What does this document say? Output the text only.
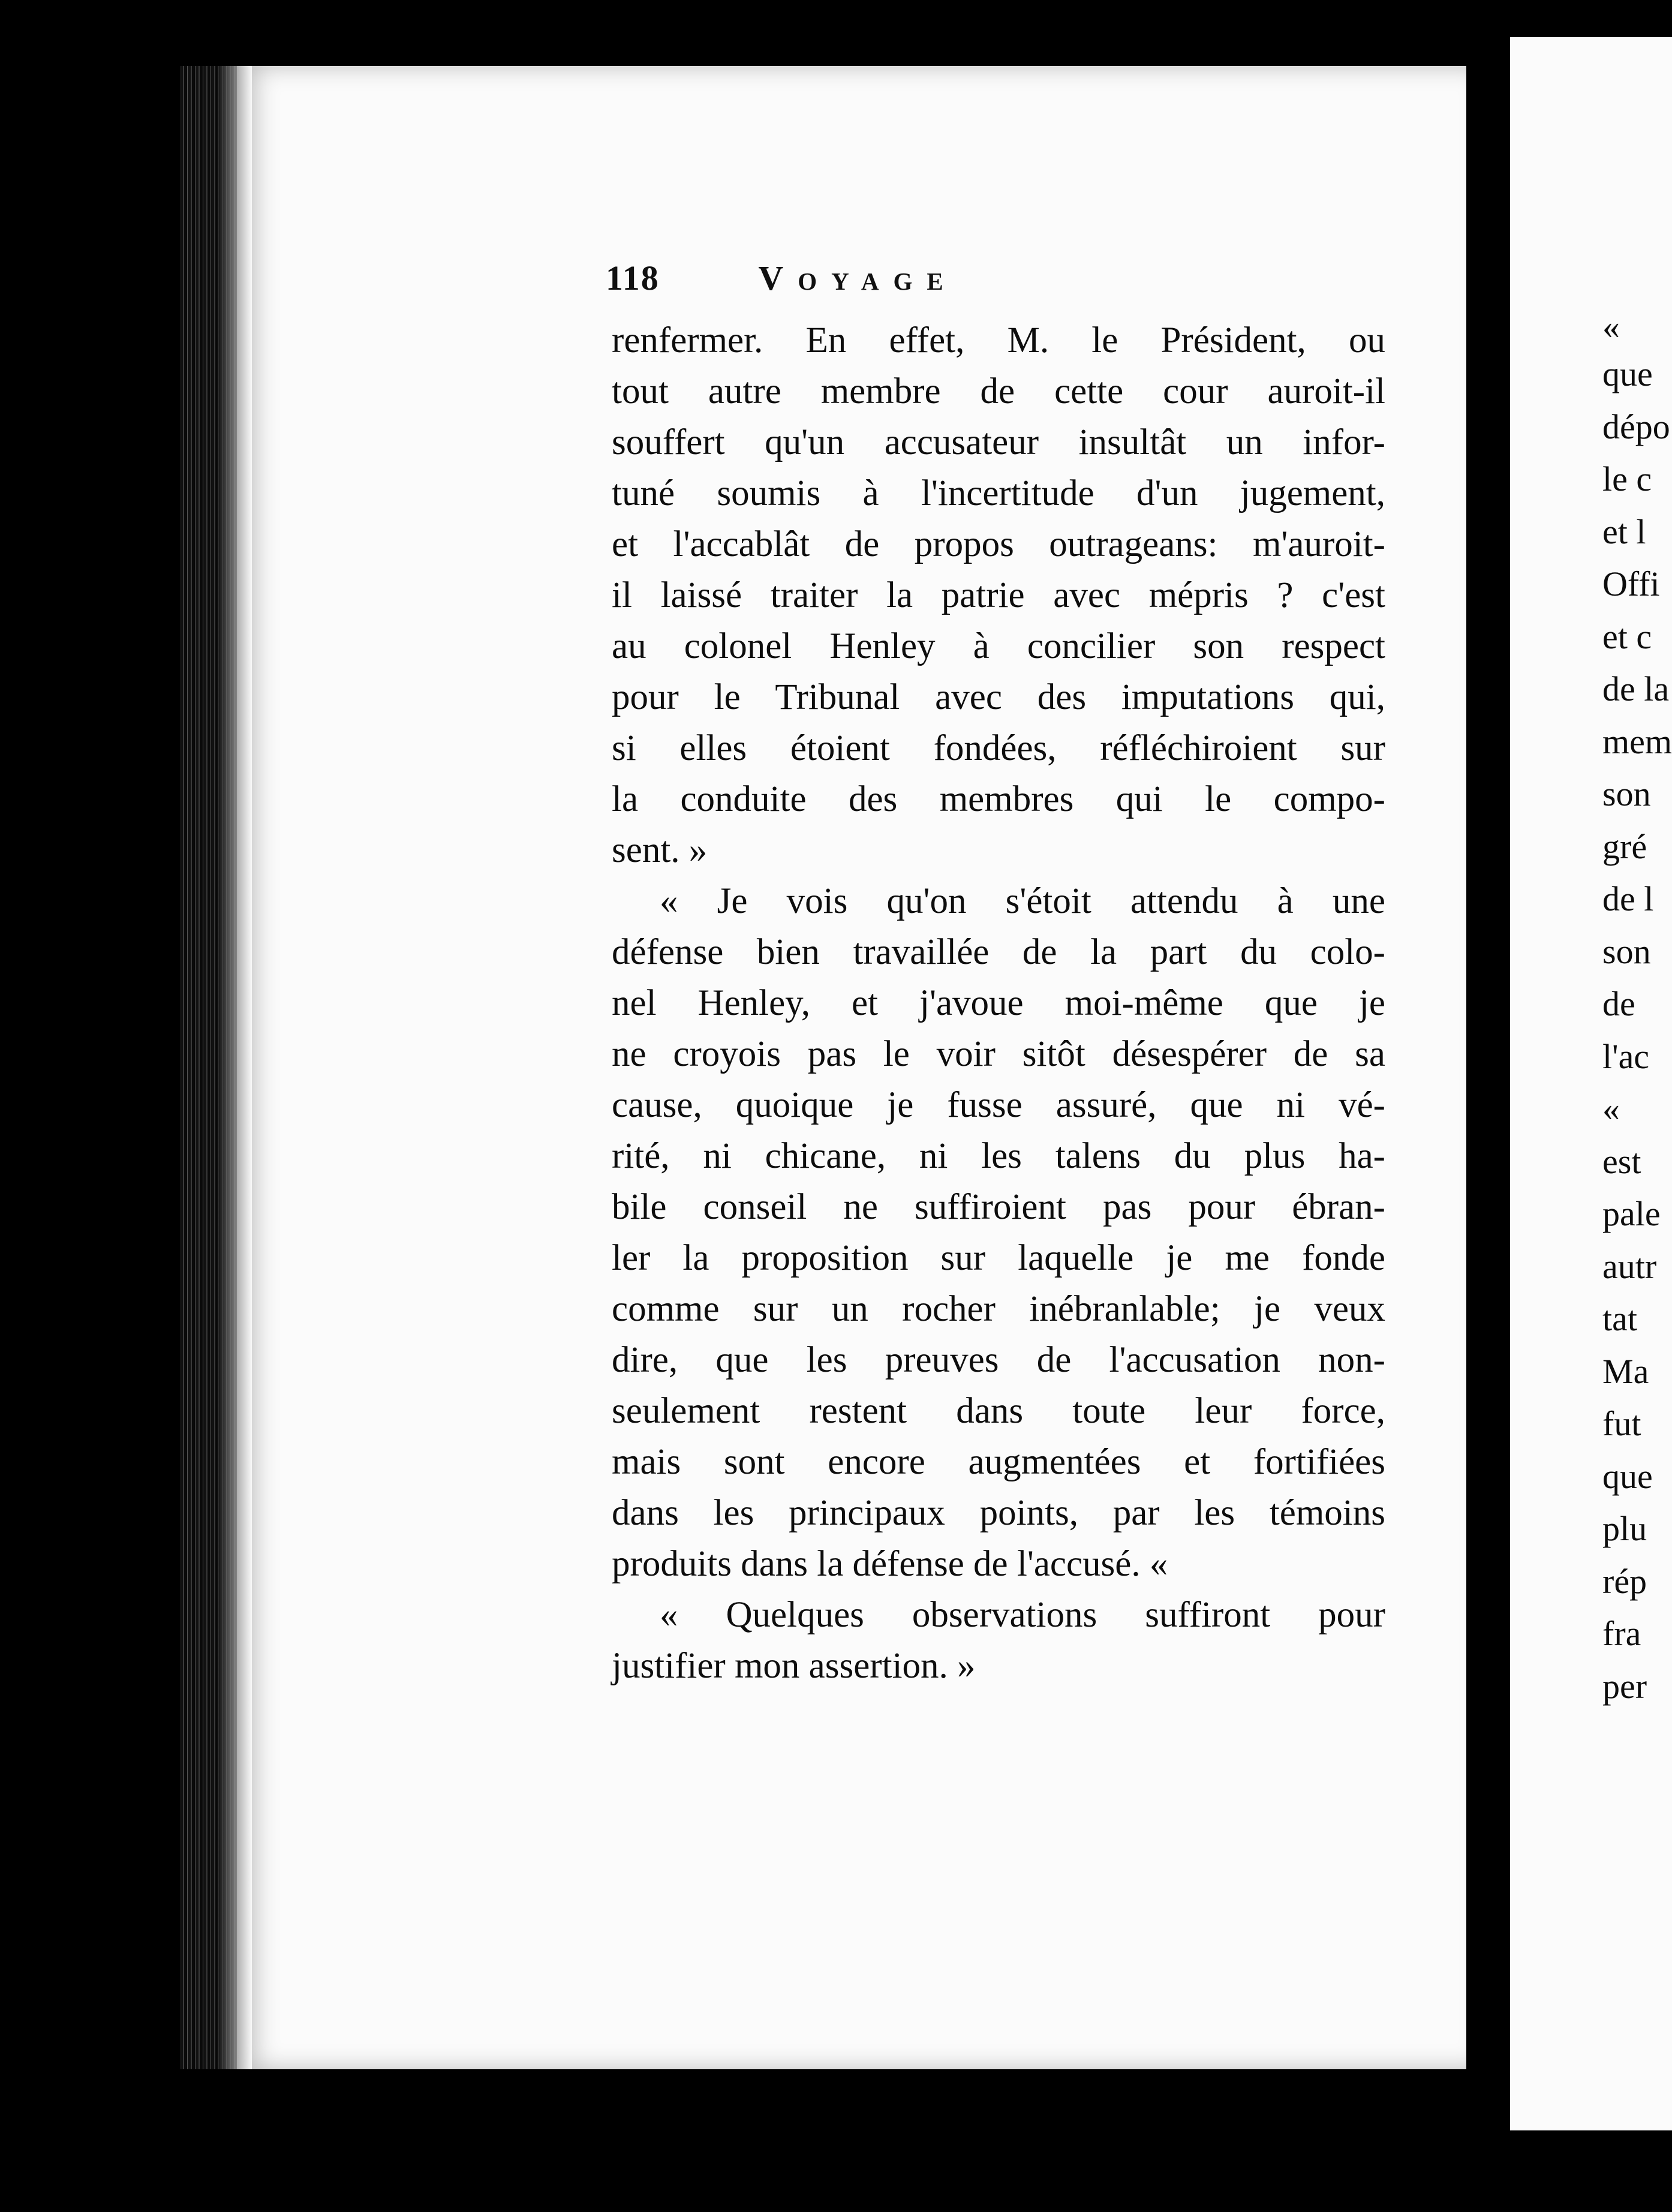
118	Voyage
renfermer. En effet, M. le Président, ou
tout autre membre de cette cour auroit-il
souffert qu'un accusateur insultât un infor-
tuné soumis à l'incertitude d'un jugement,
et l'accablât de propos outrageans: m'auroit-
il laissé traiter la patrie avec mépris ? c'est
au colonel Henley à concilier son respect
pour le Tribunal avec des imputations qui,
si elles étoient fondées, réfléchiroient sur
la conduite des membres qui le compo-
sent. »
« Je vois qu'on s'étoit attendu à une
défense bien travaillée de la part du colo-
nel Henley, et j'avoue moi-même que je
ne croyois pas le voir sitôt désespérer de sa
cause, quoique je fusse assuré, que ni vé-
rité, ni chicane, ni les talens du plus ha-
bile conseil ne suffiroient pas pour ébran-
ler la proposition sur laquelle je me fonde
comme sur un rocher inébranlable; je veux
dire, que les preuves de l'accusation non-
seulement restent dans toute leur force,
mais sont encore augmentées et fortifiées
dans les principaux points, par les témoins
produits dans la défense de l'accusé. «
« Quelques observations suffiront pour
justifier mon assertion. »
«
que
dépo
le c
et l
Offi
et c
de la
mem
son
gré
de l
son
de
l'ac
«
est
pale
autr
tat
Ma
fut
que
plu
rép
fra
per
